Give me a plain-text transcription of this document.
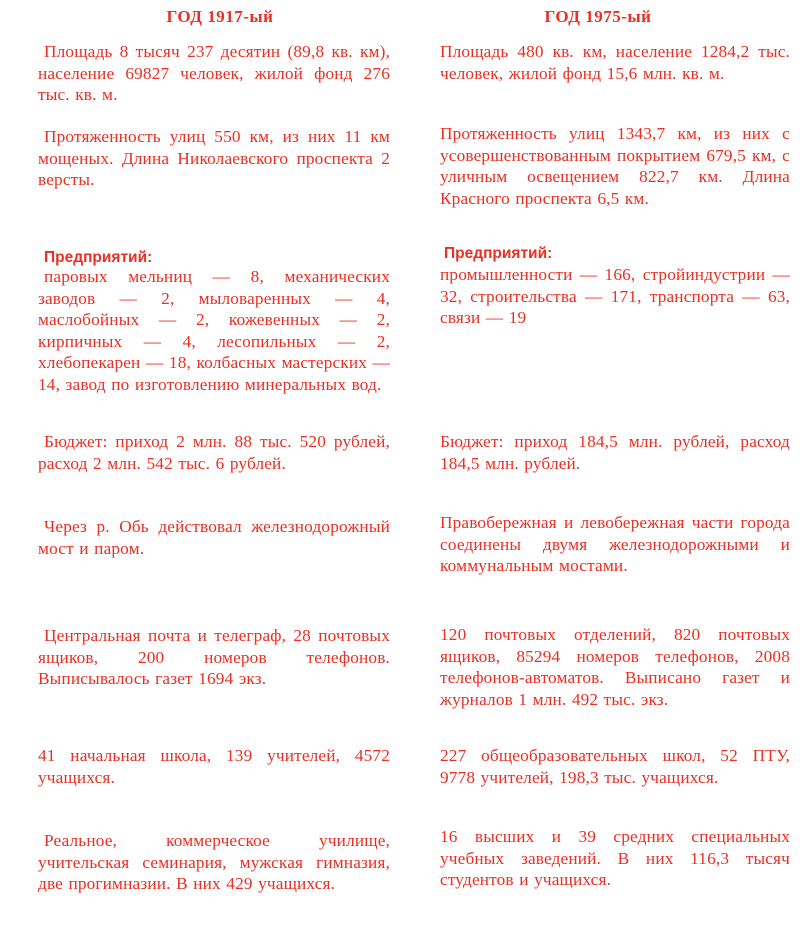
ГОД 1917-ый

Площадь 8 тысяч 237 десятин (89,8 кв. км), население 69827 человек, жилой фонд 276 тыс. кв. м.

Протяженность улиц 550 км, из них 11 км мощеных. Длина Николаевского проспекта 2 версты.

Предприятий:

паровых мельниц — 8, механических заводов — 2, мыловаренных — 4, маслобойных — 2, кожевенных — 2, кирпичных — 4, лесопильных — 2, хлебопекарен — 18, колбасных мастерских — 14, завод по изготовлению минеральных вод.

Бюджет: приход 2 млн. 88 тыс. 520 рублей, расход 2 млн. 542 тыс. 6 рублей.

Через р. Обь действовал железнодорожный мост и паром.

Центральная почта и телеграф, 28 почтовых ящиков, 200 номеров телефонов. Выписывалось газет 1694 экз.

41 начальная школа, 139 учителей, 4572 учащихся.

Реальное, коммерческое училище, учительская семинария, мужская гимназия, две прогимназии. В них 429 учащихся.

ГОД 1975-ый

Площадь 480 кв. км, население 1284,2 тыс. человек, жилой фонд 15,6 млн. кв. м.

Протяженность улиц 1343,7 км, из них с усовершенствованным покрытием 679,5 км, с уличным освещением 822,7 км. Длина Красного проспекта 6,5 км.

Предприятий:

промышленности — 166, стройиндустрии — 32, строительства — 171, транспорта — 63, связи — 19

Бюджет: приход 184,5 млн. рублей, расход 184,5 млн. рублей.

Правобережная и левобережная части города соединены двумя железнодорожными и коммунальным мостами.

120 почтовых отделений, 820 почтовых ящиков, 85294 номеров телефонов, 2008 телефонов-автоматов. Выписано газет и журналов 1 млн. 492 тыс. экз.

227 общеобразовательных школ, 52 ПТУ, 9778 учителей, 198,3 тыс. учащихся.

16 высших и 39 средних специальных учебных заведений. В них 116,3 тысяч студентов и учащихся.
